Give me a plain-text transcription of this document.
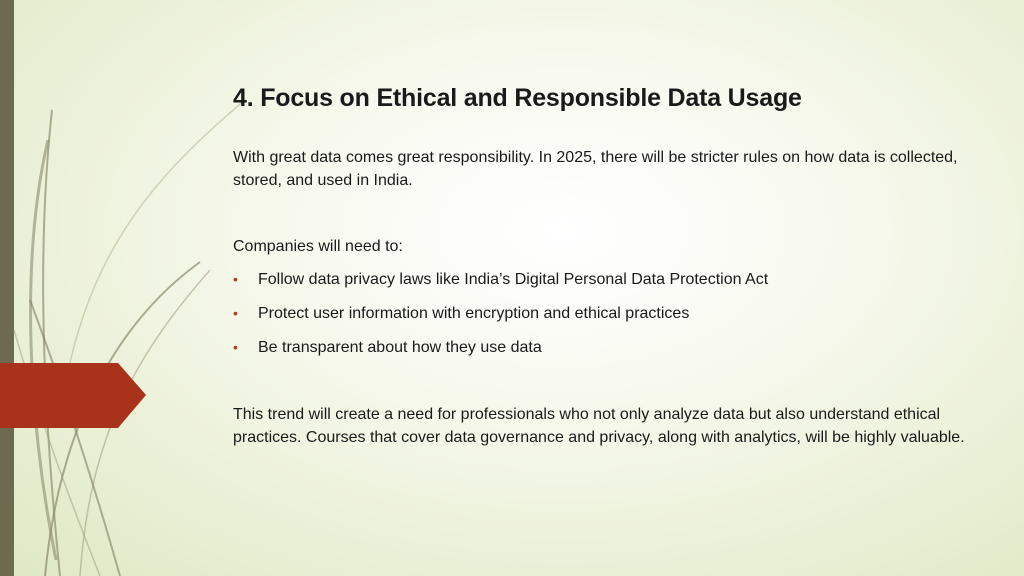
4. Focus on Ethical and Responsible Data Usage

With great data comes great responsibility. In 2025, there will be stricter rules on how data is collected, stored, and used in India.

Companies will need to:

• Follow data privacy laws like India’s Digital Personal Data Protection Act
• Protect user information with encryption and ethical practices
• Be transparent about how they use data

This trend will create a need for professionals who not only analyze data but also understand ethical practices. Courses that cover data governance and privacy, along with analytics, will be highly valuable.
